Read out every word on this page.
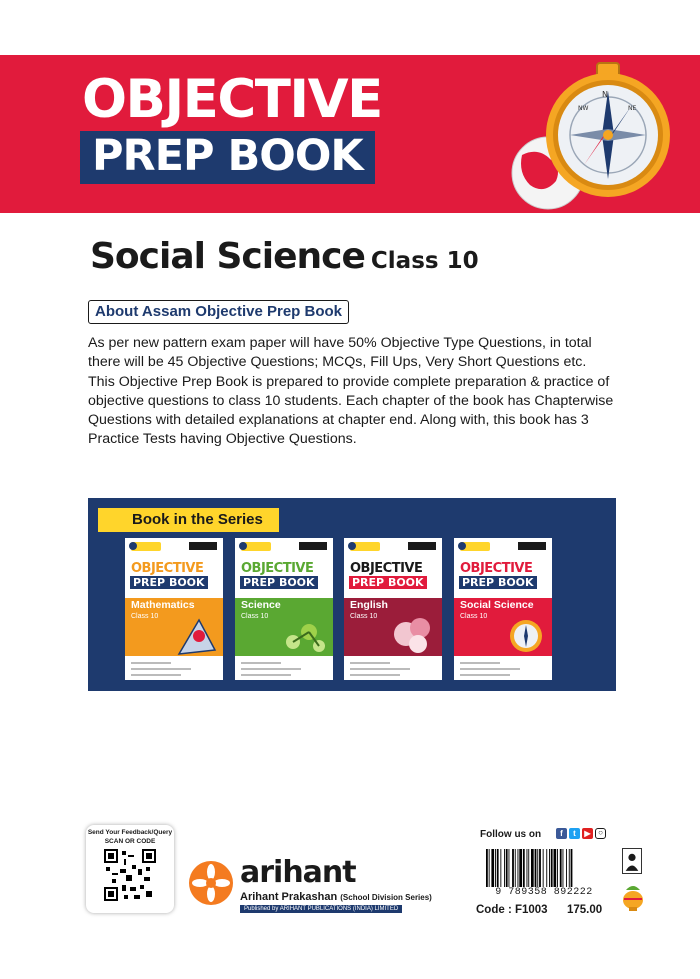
OBJECTIVE
PREP BOOK
N
NW	NE
Social Science Class 10
About Assam Objective Prep Book

As per new pattern exam paper will have 50% Objective Type Questions, in total there will be 45 Objective Questions; MCQs, Fill Ups, Very Short Questions etc.

This Objective Prep Book is prepared to provide complete preparation & practice of objective questions to class 10 students. Each chapter of the book has Chapterwise Questions with detailed explanations at chapter end. Along with, this book has 3 Practice Tests having Objective Questions.

Book in the Series
OBJECTIVE
PREP BOOK
Mathematics
Class 10
OBJECTIVE
PREP BOOK
Science
Class 10
OBJECTIVE
PREP BOOK
English
Class 10
OBJECTIVE
PREP BOOK
Social Science
Class 10
Send Your Feedback/Query
SCAN OR CODE
arihant
Arihant Prakashan (School Division Series)
Published by ARIHANT PUBLICATIONS (INDIA) LIMITED
Follow us on	f	t	▶ ○
9 789358 892222
Code : F1003 175.00
